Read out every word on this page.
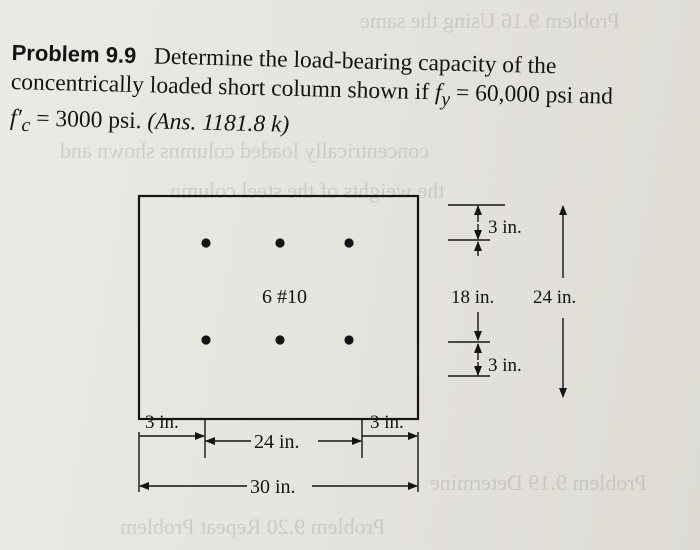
Problem 9.16 Using the same
concentrically loaded columns shown and
the weights of the steel column
Problem 9.19 Determine
Problem 9.20 Repeat Problem
Problem 9.9 Determine the load-bearing capacity of the
concentrically loaded short column shown if $f_y = 60,000$ psi and
$f'_c = 3000$ psi. (Ans. 1181.8 k)
6 #10
3 in.
18 in.
3 in.
24 in.
3 in.
24 in.
3 in.
30 in.
